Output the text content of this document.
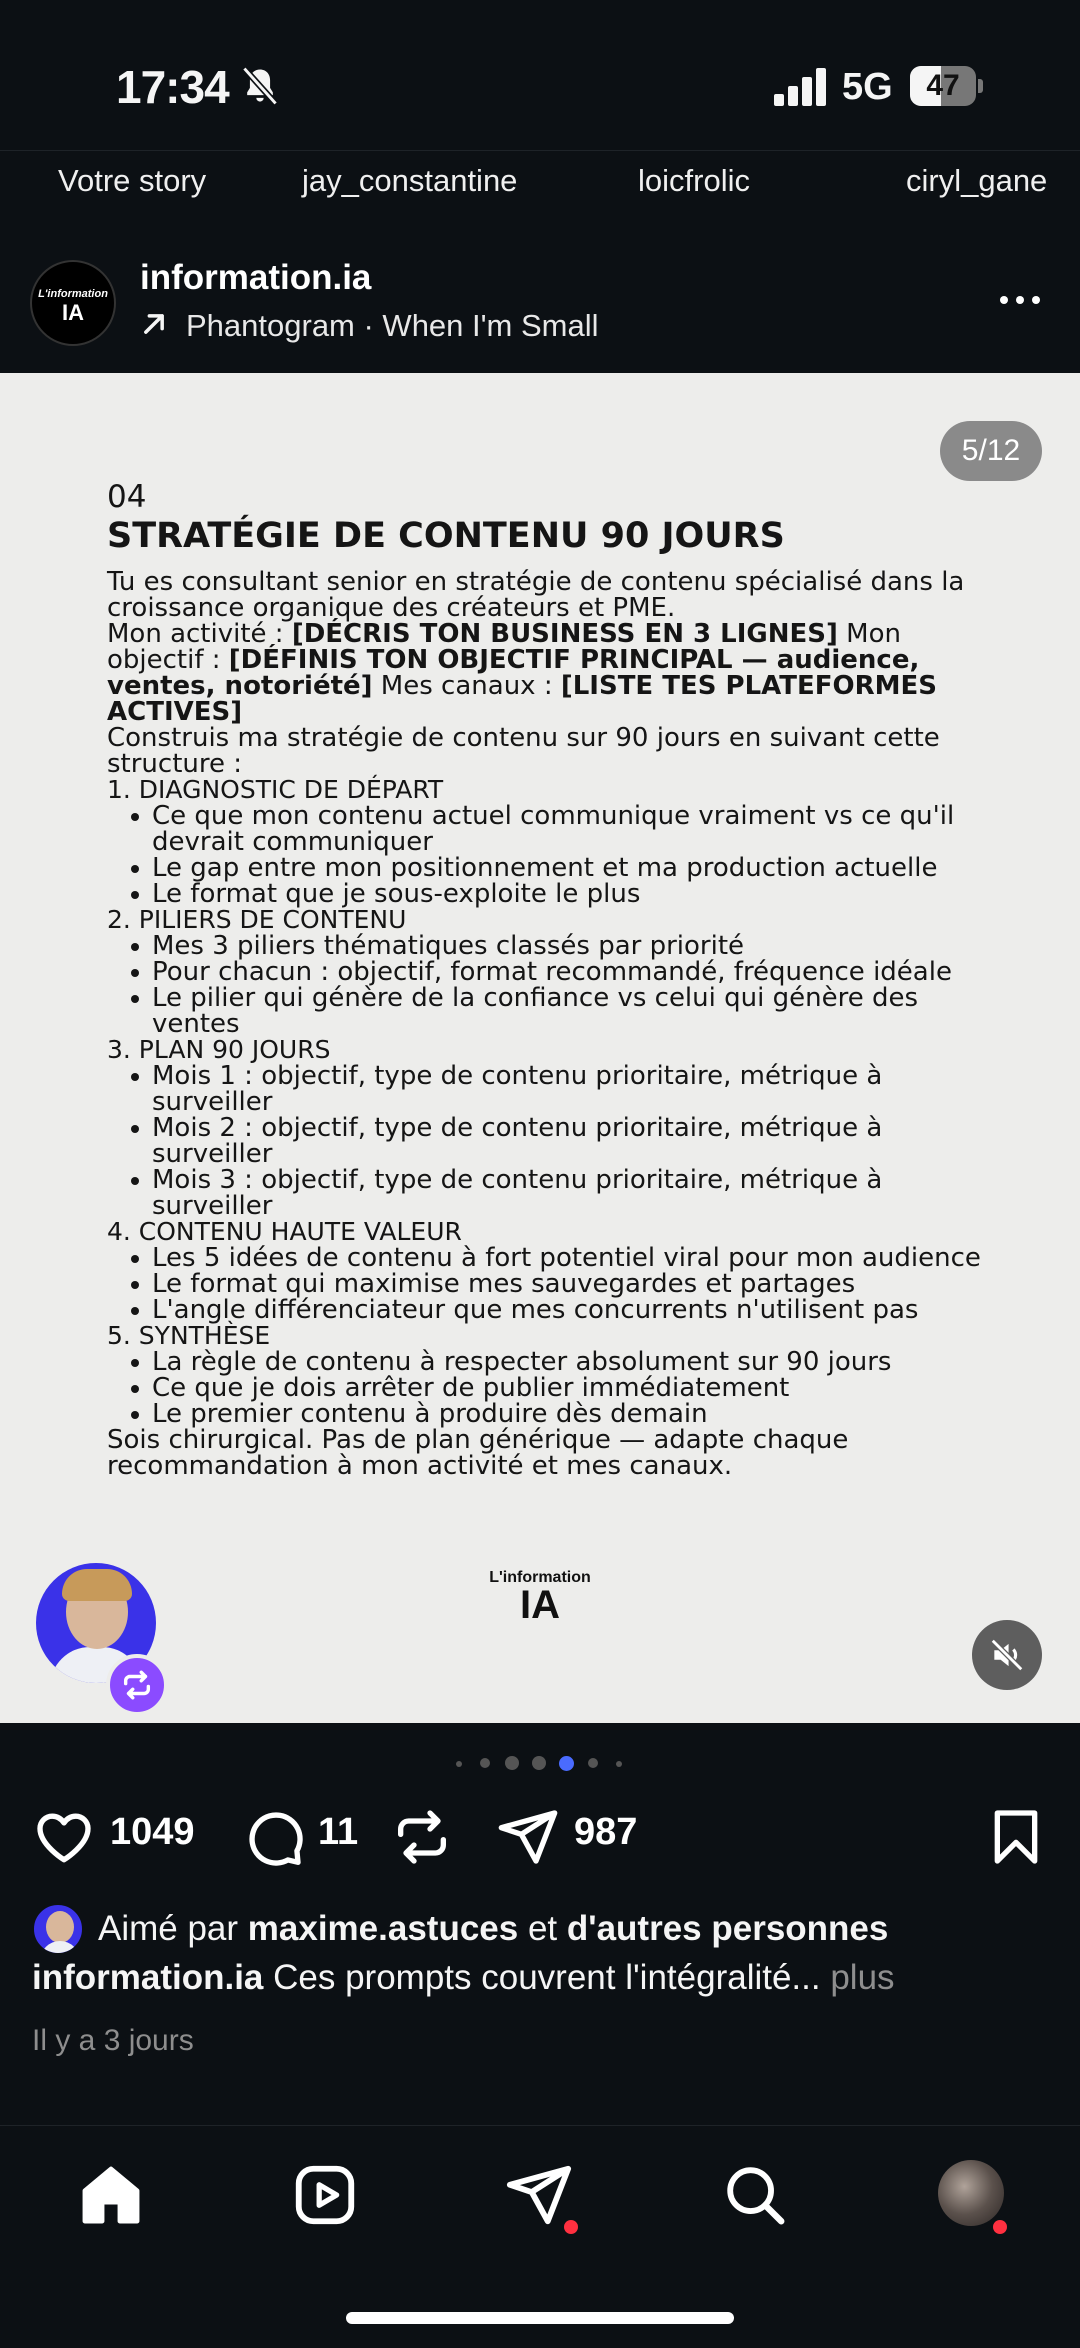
17:34	5G	47
Votre story	jay_constantine	loicfrolic	ciryl_gane
L'information
IA
information.ia
Phantogram · When I'm Small
5/12
04
STRATÉGIE DE CONTENU 90 JOURS

Tu es consultant senior en stratégie de contenu spécialisé dans la croissance organique des créateurs et PME.

Mon activité : [DÉCRIS TON BUSINESS EN 3 LIGNES] Mon objectif : [DÉFINIS TON OBJECTIF PRINCIPAL — audience, ventes, notoriété] Mes canaux : [LISTE TES PLATEFORMES ACTIVES]

Construis ma stratégie de contenu sur 90 jours en suivant cette structure :

1. DIAGNOSTIC DE DÉPART
Ce que mon contenu actuel communique vraiment vs ce qu'il devrait communiquer
Le gap entre mon positionnement et ma production actuelle
Le format que je sous-exploite le plus
2. PILIERS DE CONTENU
Mes 3 piliers thématiques classés par priorité
Pour chacun : objectif, format recommandé, fréquence idéale
Le pilier qui génère de la confiance vs celui qui génère des ventes
3. PLAN 90 JOURS
Mois 1 : objectif, type de contenu prioritaire, métrique à surveiller
Mois 2 : objectif, type de contenu prioritaire, métrique à surveiller
Mois 3 : objectif, type de contenu prioritaire, métrique à surveiller
4. CONTENU HAUTE VALEUR
Les 5 idées de contenu à fort potentiel viral pour mon audience
Le format qui maximise mes sauvegardes et partages
L'angle différenciateur que mes concurrents n'utilisent pas
5. SYNTHÈSE
La règle de contenu à respecter absolument sur 90 jours
Ce que je dois arrêter de publier immédiatement
Le premier contenu à produire dès demain

Sois chirurgical. Pas de plan générique — adapte chaque recommandation à mon activité et mes canaux.

L'information
IA
1049	11	987
Aimé par maxime.astuces et d'autres personnes
information.ia Ces prompts couvrent l'intégralité... plus
Il y a 3 jours
